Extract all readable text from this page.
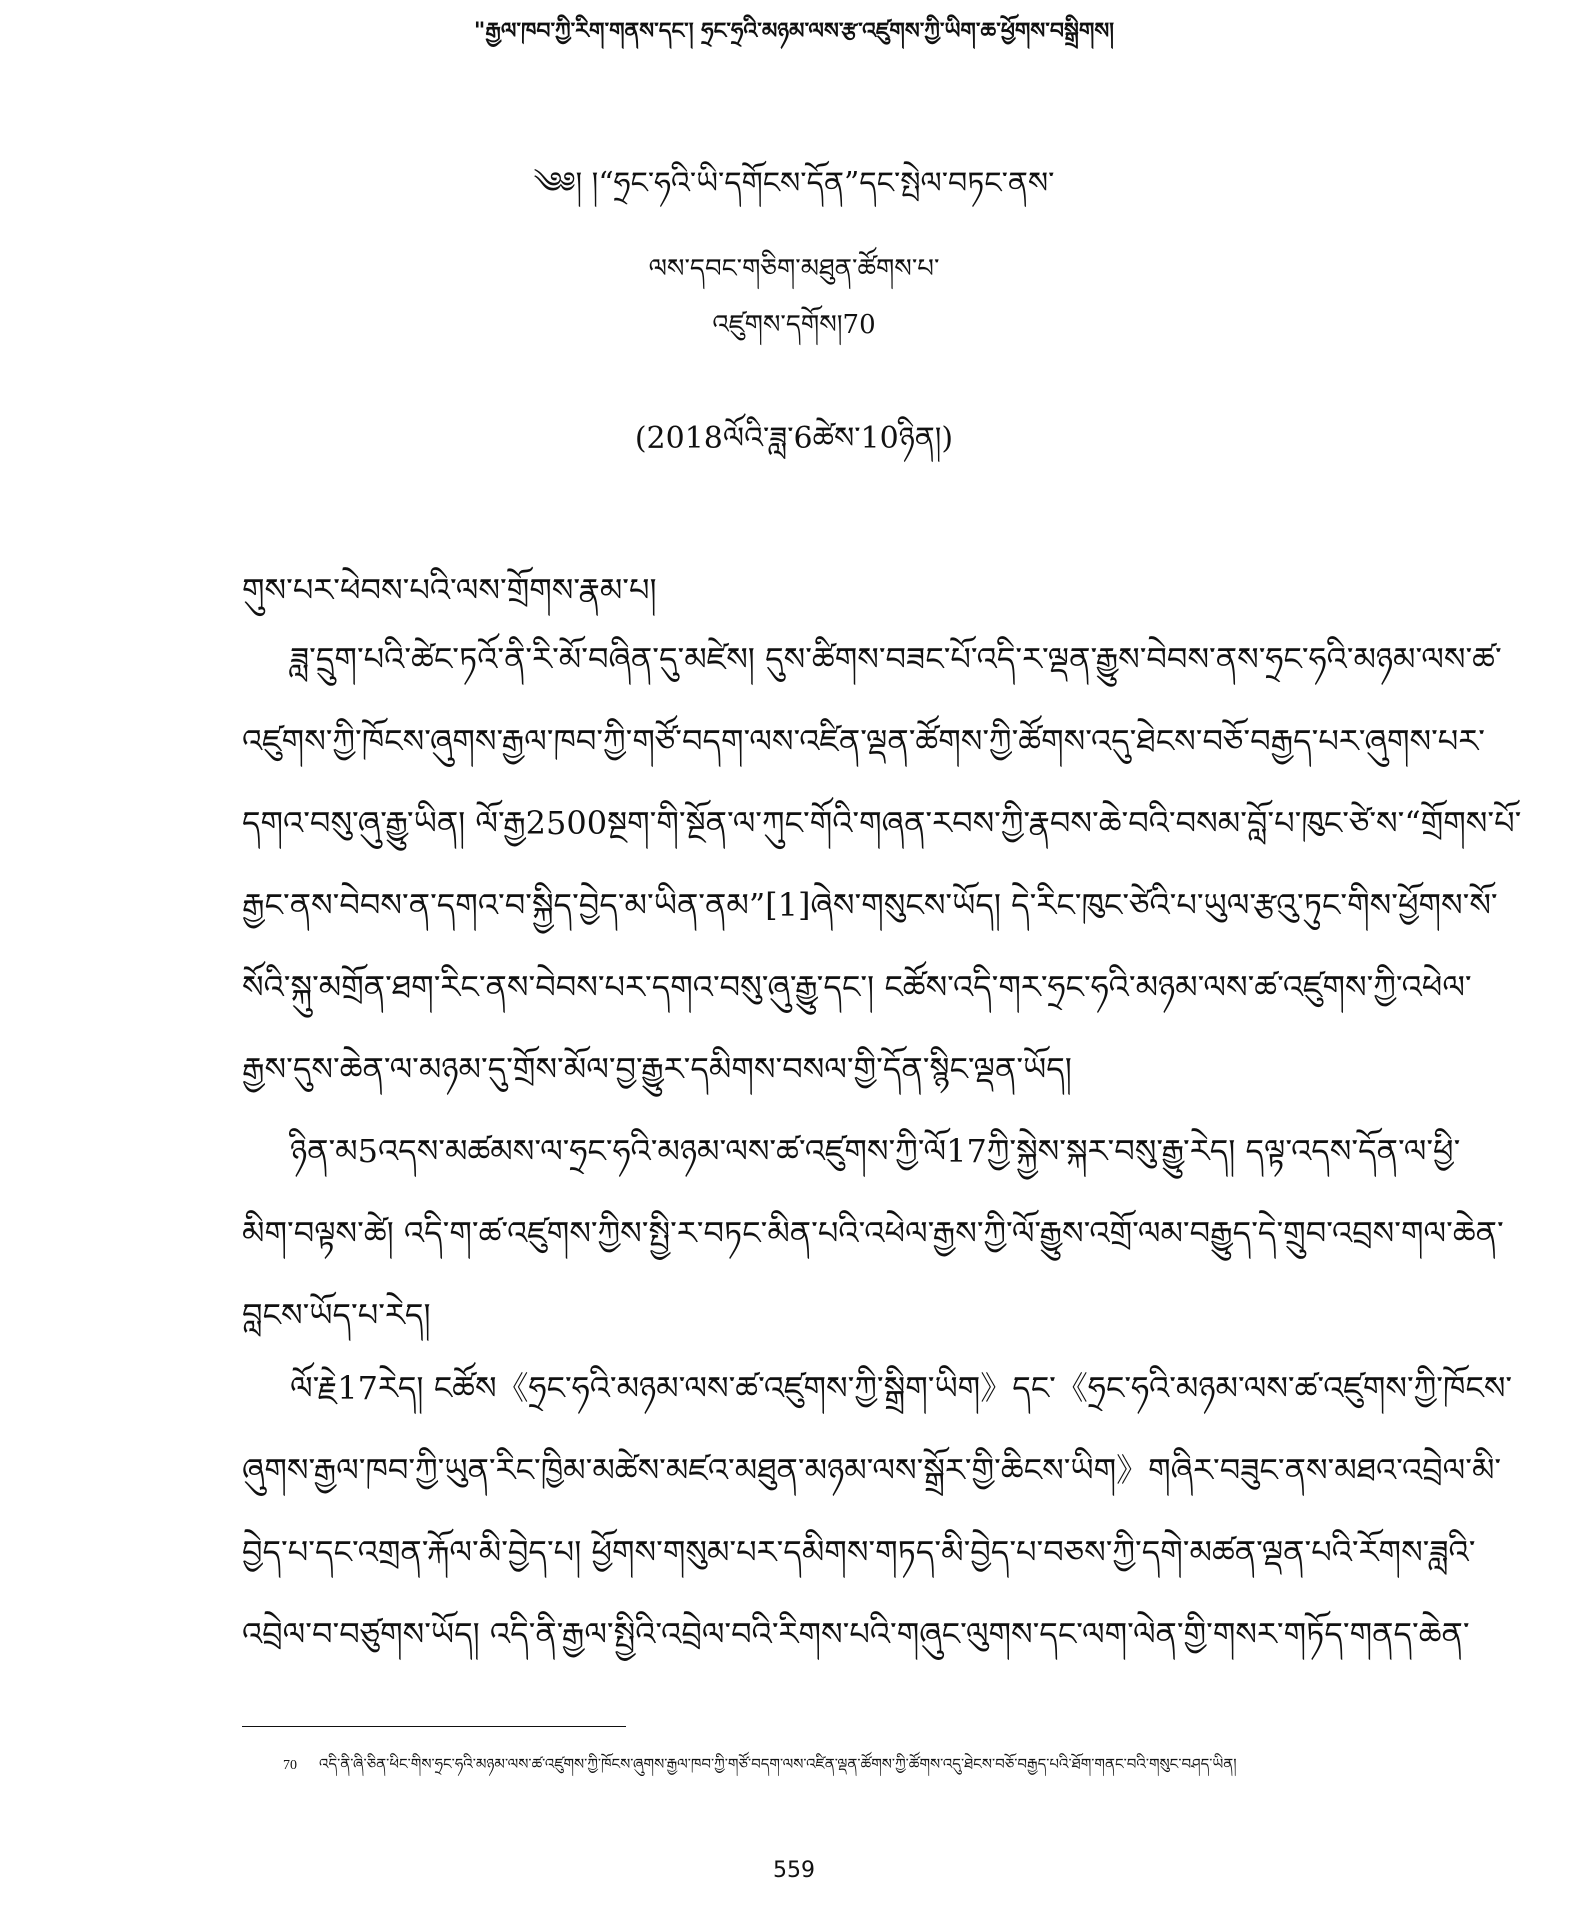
"རྒྱལ་ཁབ་ཀྱི་རིག་གནས་དང་། ཧྲང་ཧྲའི་མཉམ་ལས་རྩ་འཛུགས་ཀྱི་ཡིག་ཆ་ཕྱོགས་བསྒྲིགས།
༄༅། །“ཧྲང་ཧའི་ཡི་དགོངས་དོན”དང་སྤེལ་བཏང་ནས་
ལས་དབང་གཅིག་མཐུན་ཚོགས་པ་
འཛུགས་དགོས།70
(2018ལོའི་ཟླ་6ཚེས་10ཉིན།)
གུས་པར་ཕེབས་པའི་ལས་གྲོགས་རྣམ་པ།
ཟླ་དྲུག་པའི་ཚེང་ཏའོ་ནི་རི་མོ་བཞིན་དུ་མཛེས། དུས་ཚིགས་བཟང་པོ་འདི་ར་ལྡན་རྒྱུས་བེབས་ནས་ཧྲང་ཧའི་མཉམ་ལས་ཚ་
འཛུགས་ཀྱི་ཁོངས་ཞུགས་རྒྱལ་ཁབ་ཀྱི་གཙོ་བདག་ལས་འཛིན་ལྡན་ཚོགས་ཀྱི་ཚོགས་འདུ་ཐེངས་བཅོ་བརྒྱད་པར་ཞུགས་པར་
དགའ་བསུ་ཞུ་རྒྱུ་ཡིན། ལོ་རྒྱ2500སྔག་གི་སྔོན་ལ་ཀུང་གོའི་གཞན་རབས་ཀྱི་རྣབས་ཆེ་བའི་བསམ་བློ་པ་ཁུང་ཙེ་ས་“གྲོགས་པོ་
རྒྱང་ནས་བེབས་ན་དགའ་བ་སྐྱིད་བྱེད་མ་ཡིན་ནམ”[1]ཞེས་གསུངས་ཡོད། དེ་རིང་ཁུང་ཙེའི་པ་ཡུལ་རྩའུ་ཏུང་གིས་ཕྱོགས་སོ་
སོའི་སྐུ་མགྲོན་ཐག་རིང་ནས་བེབས་པར་དགའ་བསུ་ཞུ་རྒྱུ་དང་། ངཚོས་འདི་གར་ཧྲང་ཧའི་མཉམ་ལས་ཚ་འཛུགས་ཀྱི་འཕེལ་
རྒྱས་དུས་ཆེན་ལ་མཉམ་དུ་གྲོས་མོལ་བྱ་རྒྱུར་དམིགས་བསལ་གྱི་དོན་སྙིང་ལྡན་ཡོད།
ཉིན་མ5འདས་མཚམས་ལ་ཧྲང་ཧའི་མཉམ་ལས་ཚ་འཛུགས་ཀྱི་ལོ17ཀྱི་སྐྱེས་སྐར་བསུ་རྒྱུ་རེད། དལྟ་འདས་དོན་ལ་ཕྱི་
མིག་བལྟས་ཚེ། འདི་ག་ཚ་འཛུགས་ཀྱིས་སྤྱི་ར་བཏང་མིན་པའི་འཕེལ་རྒྱས་ཀྱི་ལོ་རྒྱུས་འགྲོ་ལམ་བརྒྱུད་དེ་གྲུབ་འབྲས་གལ་ཆེན་
བླངས་ཡོད་པ་རེད།
ལོ་རྗེ17རེད། ངཚོས《ཧྲང་ཧའི་མཉམ་ལས་ཚ་འཛུགས་ཀྱི་སྒྲིག་ཡིག》དང་《ཧྲང་ཧའི་མཉམ་ལས་ཚ་འཛུགས་ཀྱི་ཁོངས་
ཞུགས་རྒྱལ་ཁབ་ཀྱི་ཡུན་རིང་ཁྱིམ་མཚེས་མཛའ་མཐུན་མཉམ་ལས་སྒྲོར་གྱི་ཆིངས་ཡིག》གཞིར་བཟུང་ནས་མཐའ་འབྲེལ་མི་
བྱེད་པ་དང་འགྲན་རྐོལ་མི་བྱེད་པ། ཕྱོགས་གསུམ་པར་དམིགས་གཏད་མི་བྱེད་པ་བཅས་ཀྱི་དགེ་མཚན་ལྡན་པའི་རོགས་ཟླའི་
འབྲེལ་བ་བཙུགས་ཡོད། འདི་ནི་རྒྱལ་སྤྱིའི་འབྲེལ་བའི་རིགས་པའི་གཞུང་ལུགས་དང་ལག་ལེན་གྱི་གསར་གཏོད་གནད་ཆེན་
70 འདི་ནི་ཞི་ཅིན་ཕིང་གིས་ཧྲང་ཧའི་མཉམ་ལས་ཚ་འཛུགས་ཀྱི་ཁོངས་ཞུགས་རྒྱལ་ཁབ་ཀྱི་གཙོ་བདག་ལས་འཛིན་ལྡན་ཚོགས་ཀྱི་ཚོགས་འདུ་ཐེངས་བཅོ་བརྒྱད་པའི་ཐོག་གནང་བའི་གསུང་བཤད་ཡིན།
559
